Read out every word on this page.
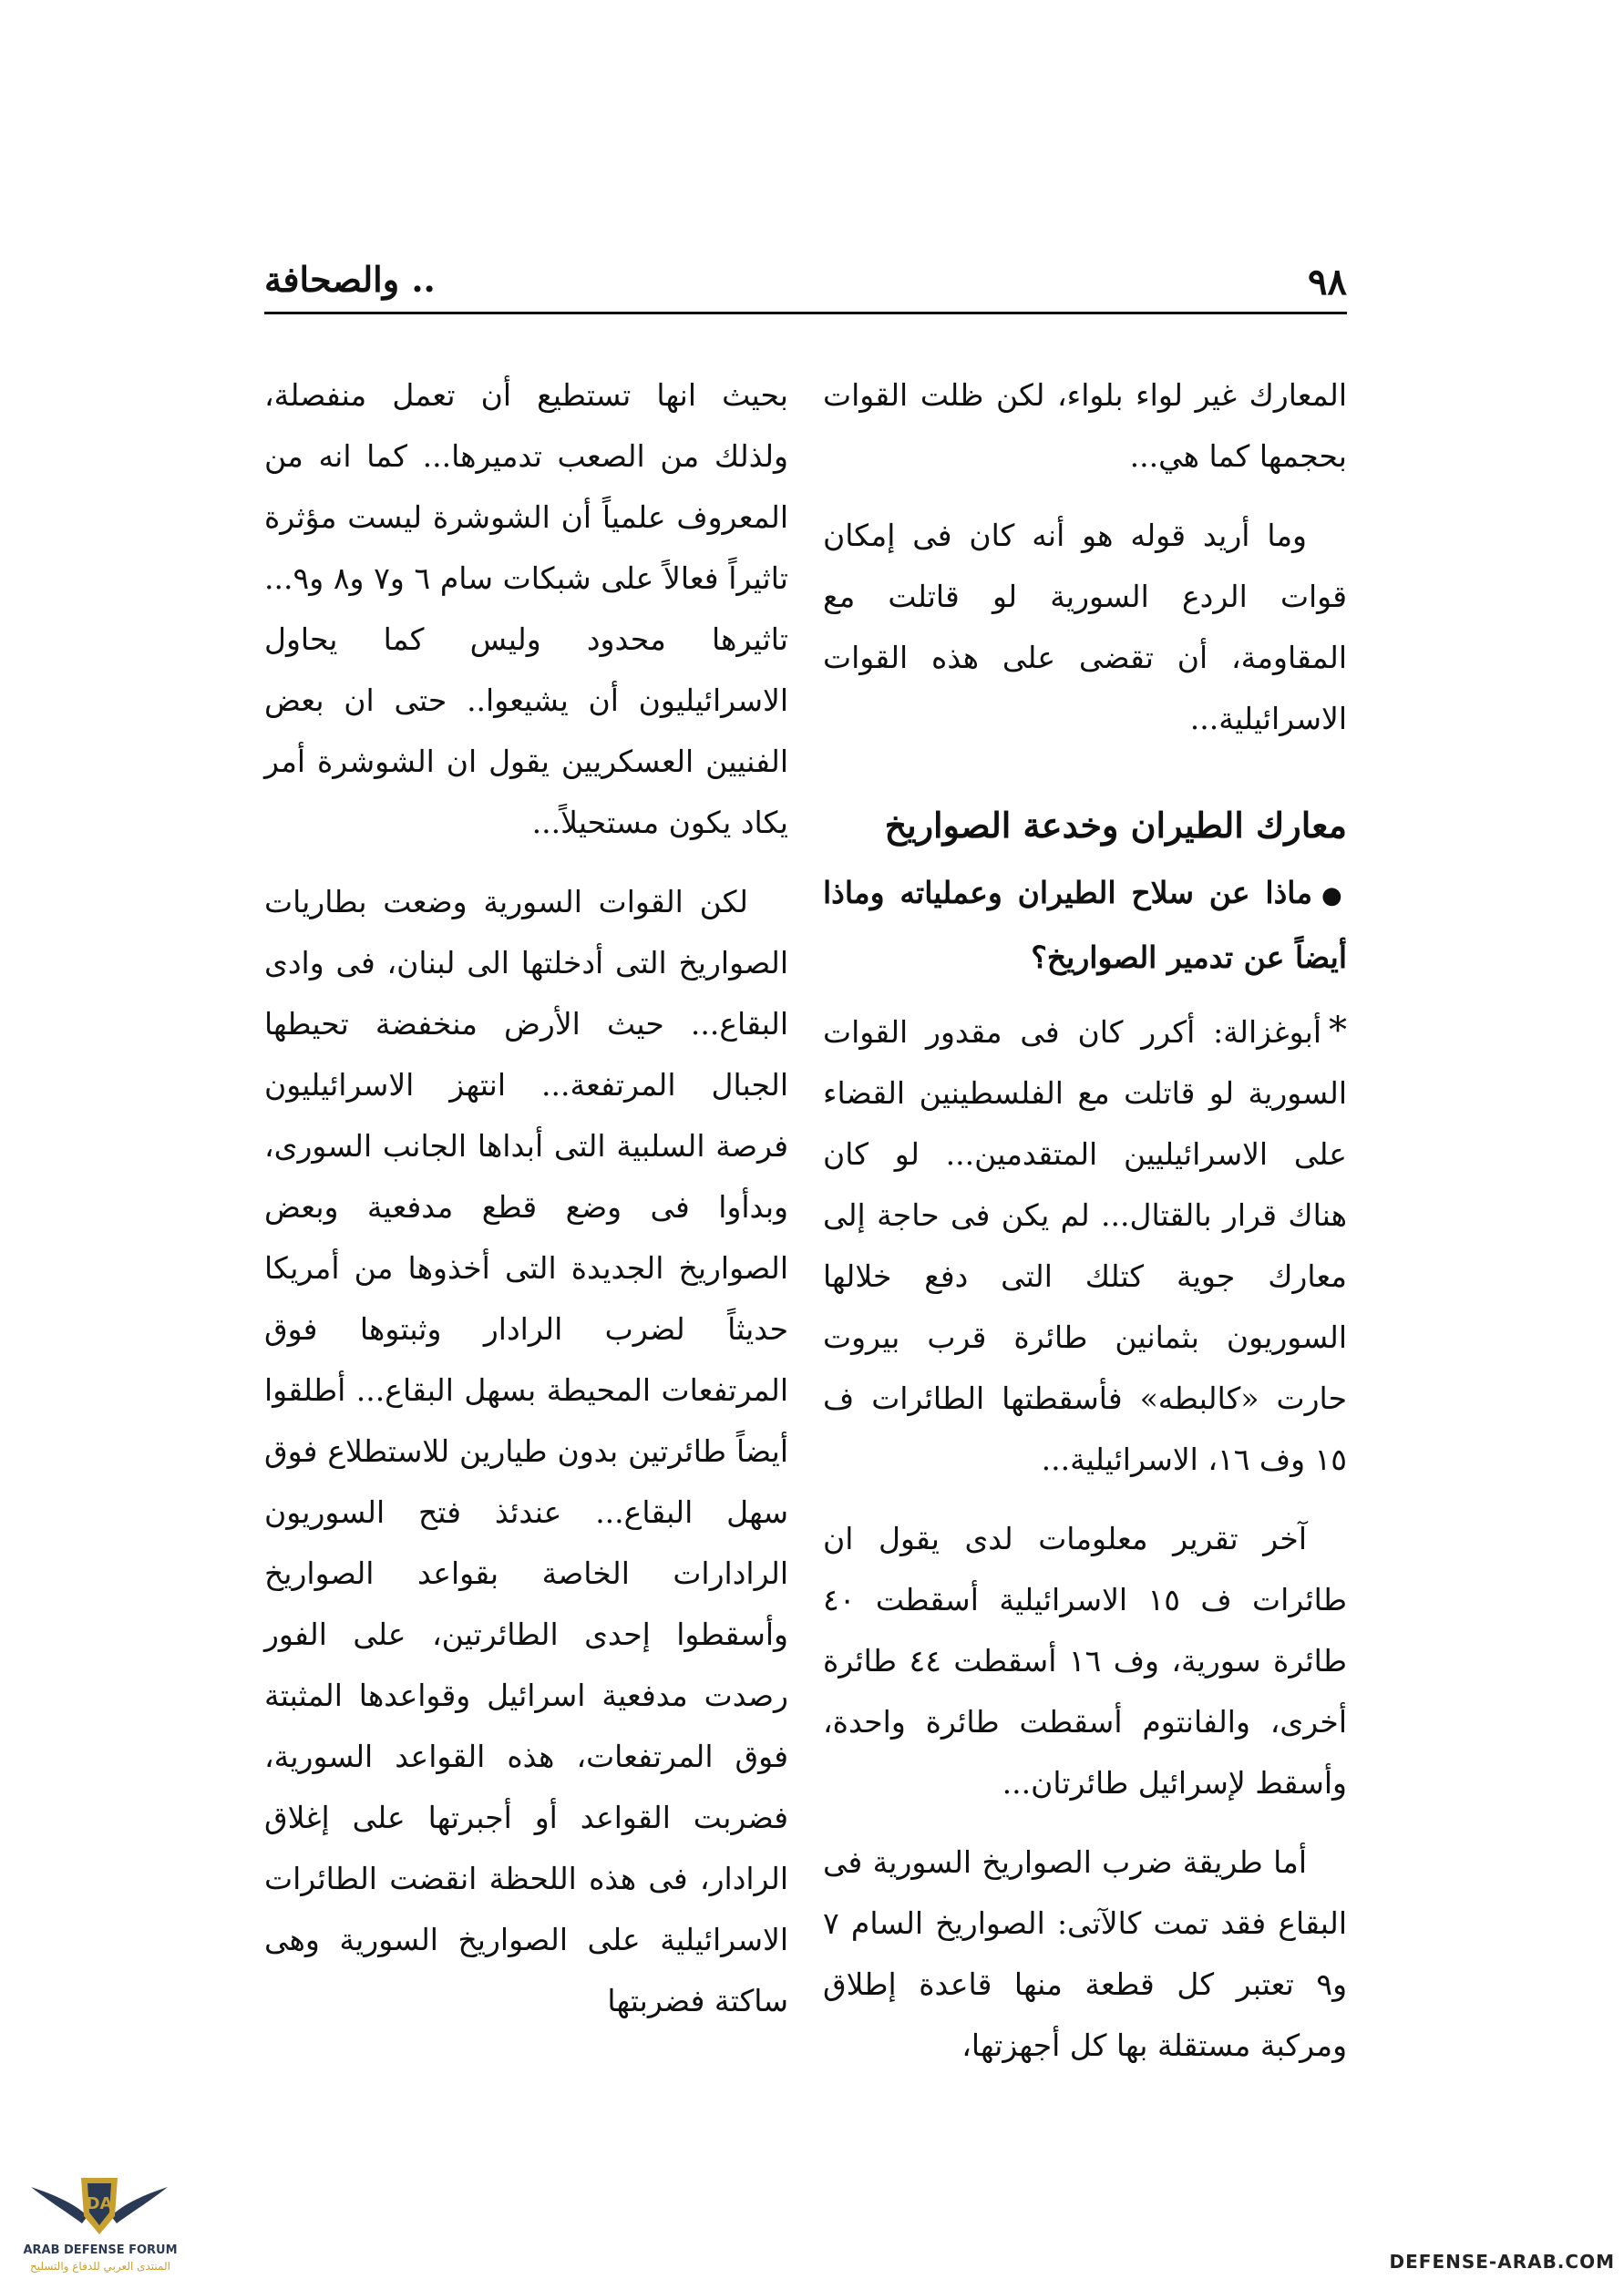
٩٨
.. والصحافة

المعارك غير لواء بلواء، لكن ظلت القوات بحجمها كما هي...

وما أريد قوله هو أنه كان فى إمكان قوات الردع السورية لو قاتلت مع المقاومة، أن تقضى على هذه القوات الاسرائيلية...

معارك الطيران وخدعة الصواريخ

●ماذا عن سلاح الطيران وعملياته وماذا أيضاً عن تدمير الصواريخ؟

*أبوغزالة: أكرر كان فى مقدور القوات السورية لو قاتلت مع الفلسطينين القضاء على الاسرائيليين المتقدمين... لو كان هناك قرار بالقتال... لم يكن فى حاجة إلى معارك جوية كتلك التى دفع خلالها السوريون بثمانين طائرة قرب بيروت حارت «كالبطه» فأسقطتها الطائرات ف ١٥ وف ١٦، الاسرائيلية...

آخر تقرير معلومات لدى يقول ان طائرات ف ١٥ الاسرائيلية أسقطت ٤٠ طائرة سورية، وف ١٦ أسقطت ٤٤ طائرة أخرى، والفانتوم أسقطت طائرة واحدة، وأسقط لإسرائيل طائرتان...

أما طريقة ضرب الصواريخ السورية فى البقاع فقد تمت كالآتى: الصواريخ السام ٧ و٩ تعتبر كل قطعة منها قاعدة إطلاق ومركبة مستقلة بها كل أجهزتها،

بحيث انها تستطيع أن تعمل منفصلة، ولذلك من الصعب تدميرها... كما انه من المعروف علمياً أن الشوشرة ليست مؤثرة تاثيراً فعالاً على شبكات سام ٦ و٧ و٨ و٩... تاثيرها محدود وليس كما يحاول الاسرائيليون أن يشيعوا.. حتى ان بعض الفنيين العسكريين يقول ان الشوشرة أمر يكاد يكون مستحيلاً...

لكن القوات السورية وضعت بطاريات الصواريخ التى أدخلتها الى لبنان، فى وادى البقاع... حيث الأرض منخفضة تحيطها الجبال المرتفعة... انتهز الاسرائيليون فرصة السلبية التى أبداها الجانب السورى، وبدأوا فى وضع قطع مدفعية وبعض الصواريخ الجديدة التى أخذوها من أمريكا حديثاً لضرب الرادار وثبتوها فوق المرتفعات المحيطة بسهل البقاع... أطلقوا أيضاً طائرتين بدون طيارين للاستطلاع فوق سهل البقاع... عندئذ فتح السوريون الرادارات الخاصة بقواعد الصواريخ وأسقطوا إحدى الطائرتين، على الفور رصدت مدفعية اسرائيل وقواعدها المثبتة فوق المرتفعات، هذه القواعد السورية، فضربت القواعد أو أجبرتها على إغلاق الرادار، فى هذه اللحظة انقضت الطائرات الاسرائيلية على الصواريخ السورية وهى ساكتة فضربتها

DA
ARAB DEFENSE FORUM
المنتدى العربي للدفاع والتسليح	DEFENSE-ARAB.COM
